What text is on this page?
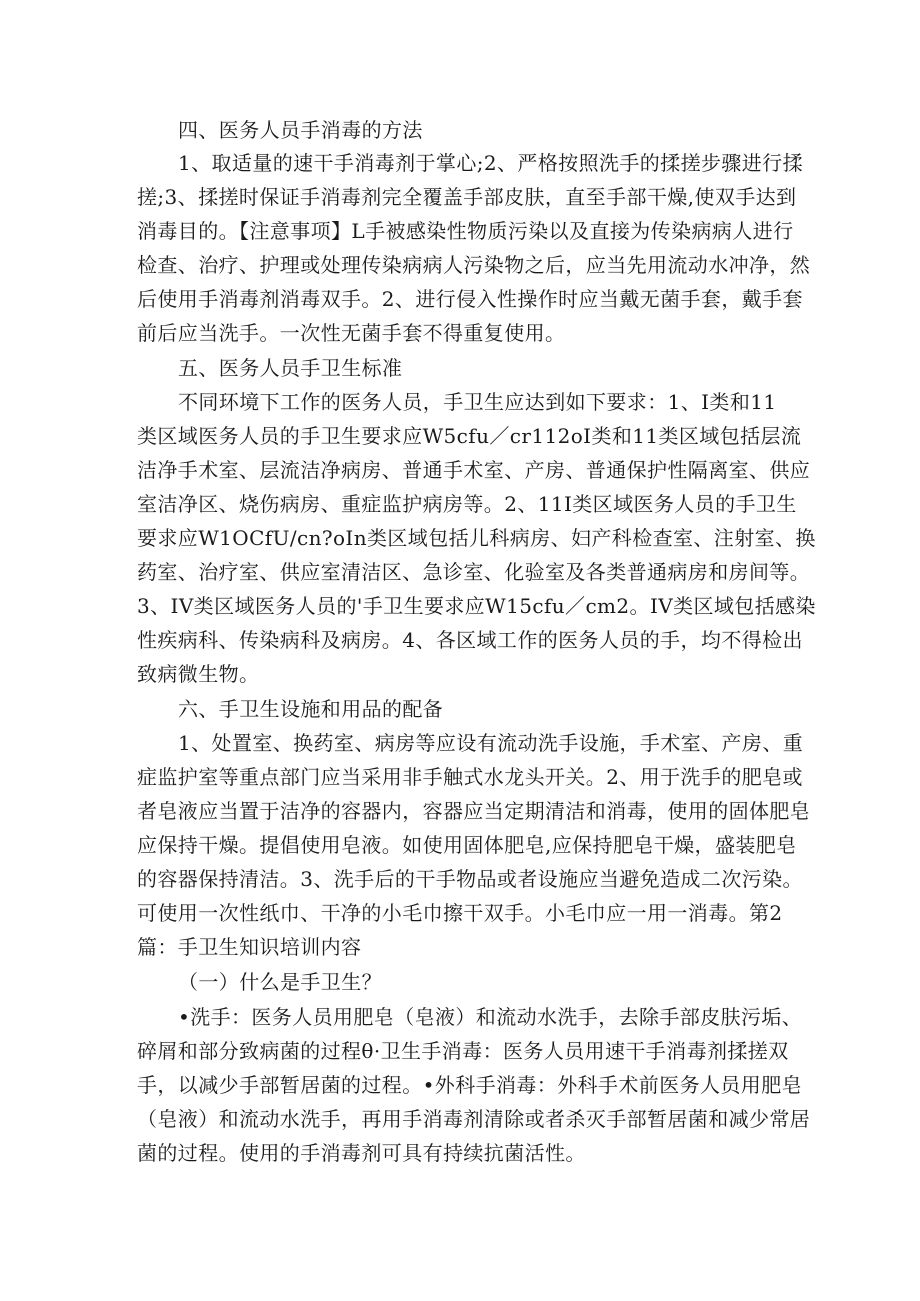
四、医务人员手消毒的方法
1、取适量的速干手消毒剂于掌心;2、严格按照洗手的揉搓步骤进行揉
搓;3、揉搓时保证手消毒剂完全覆盖手部皮肤，直至手部干燥,使双手达到
消毒目的。【注意事项】L手被感染性物质污染以及直接为传染病病人进行
检查、治疗、护理或处理传染病病人污染物之后，应当先用流动水冲净，然
后使用手消毒剂消毒双手。2、进行侵入性操作时应当戴无菌手套，戴手套
前后应当洗手。一次性无菌手套不得重复使用。
五、医务人员手卫生标准
不同环境下工作的医务人员，手卫生应达到如下要求：1、I类和11
类区域医务人员的手卫生要求应W5cfu／cr112oI类和11类区域包括层流
洁净手术室、层流洁净病房、普通手术室、产房、普通保护性隔离室、供应
室洁净区、烧伤病房、重症监护病房等。2、11I类区域医务人员的手卫生
要求应W1OCfU/cn?oIn类区域包括儿科病房、妇产科检查室、注射室、换
药室、治疗室、供应室清洁区、急诊室、化验室及各类普通病房和房间等。
3、IV类区域医务人员的'手卫生要求应W15cfu／cm2。IV类区域包括感染
性疾病科、传染病科及病房。4、各区域工作的医务人员的手，均不得检出
致病微生物。
六、手卫生设施和用品的配备
1、处置室、换药室、病房等应设有流动洗手设施，手术室、产房、重
症监护室等重点部门应当采用非手触式水龙头开关。2、用于洗手的肥皂或
者皂液应当置于洁净的容器内，容器应当定期清洁和消毒，使用的固体肥皂
应保持干燥。提倡使用皂液。如使用固体肥皂,应保持肥皂干燥，盛装肥皂
的容器保持清洁。3、洗手后的干手物品或者设施应当避免造成二次污染。
可使用一次性纸巾、干净的小毛巾擦干双手。小毛巾应一用一消毒。第2
篇：手卫生知识培训内容
（一）什么是手卫生？
•洗手：医务人员用肥皂（皂液）和流动水洗手，去除手部皮肤污垢、
碎屑和部分致病菌的过程θ·卫生手消毒：医务人员用速干手消毒剂揉搓双
手，以减少手部暂居菌的过程。•外科手消毒：外科手术前医务人员用肥皂
（皂液）和流动水洗手，再用手消毒剂清除或者杀灭手部暂居菌和减少常居
菌的过程。使用的手消毒剂可具有持续抗菌活性。
